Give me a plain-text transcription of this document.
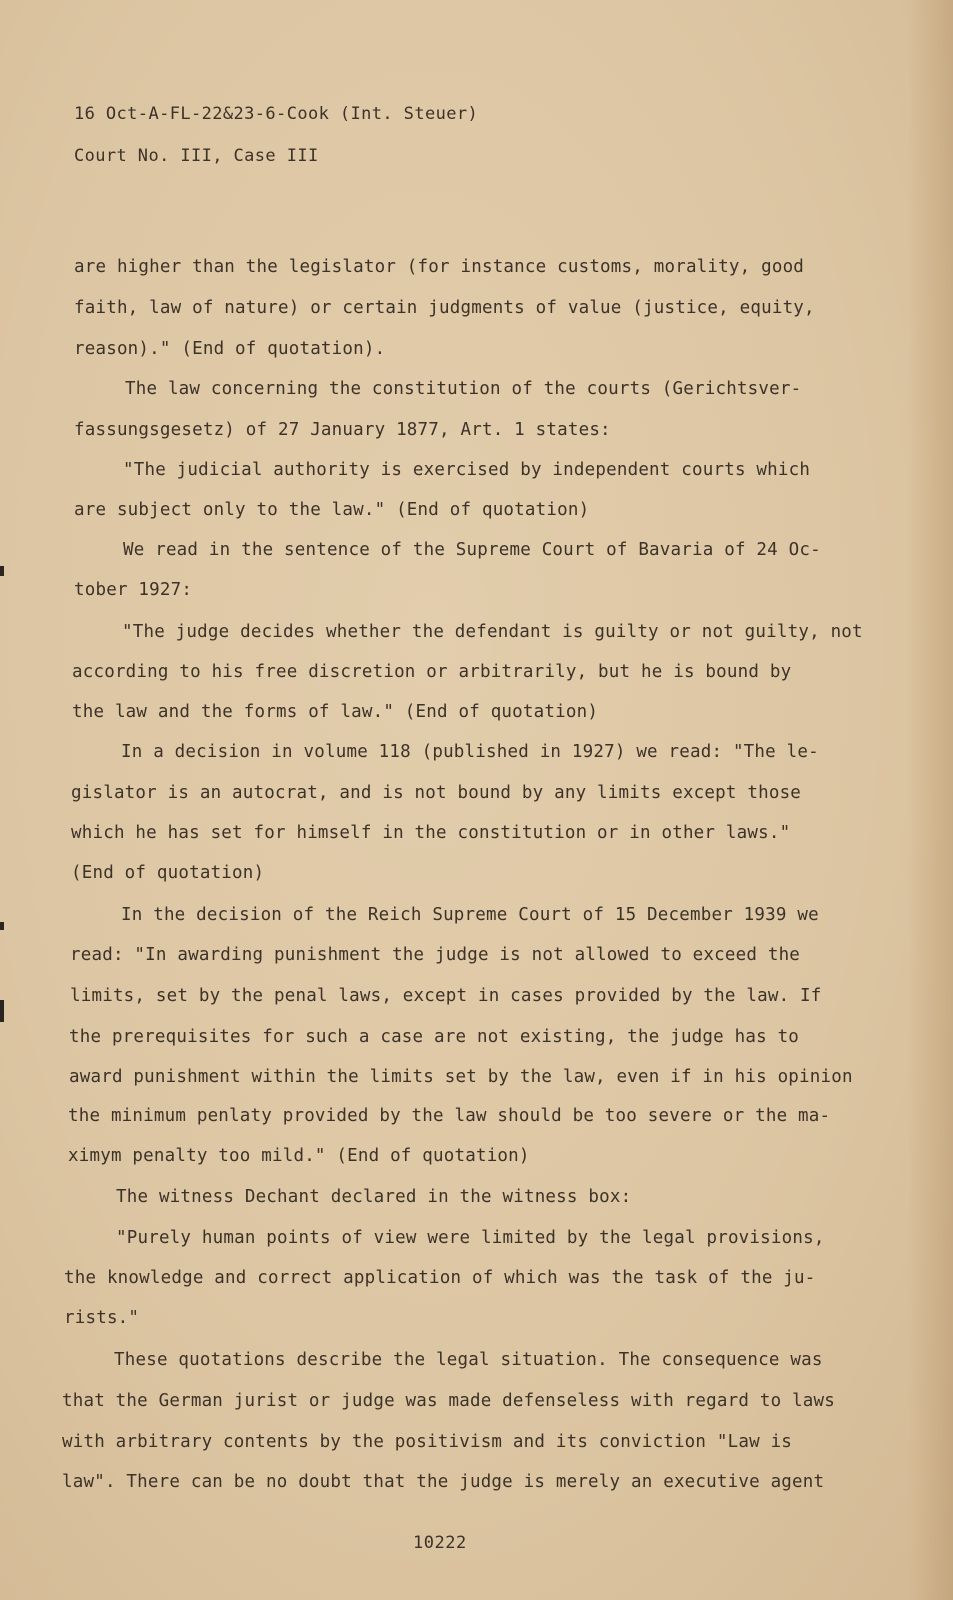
16 Oct-A-FL-22&23-6-Cook (Int. Steuer)
Court No. III, Case III
are higher than the legislator (for instance customs, morality, good
faith, law of nature) or certain judgments of value (justice, equity,
reason)." (End of quotation).
The law concerning the constitution of the courts (Gerichtsver-
fassungsgesetz) of 27 January 1877, Art. 1 states:
"The judicial authority is exercised by independent courts which
are subject only to the law." (End of quotation)
We read in the sentence of the Supreme Court of Bavaria of 24 Oc-
tober 1927:
"The judge decides whether the defendant is guilty or not guilty, not
according to his free discretion or arbitrarily, but he is bound by
the law and the forms of law." (End of quotation)
In a decision in volume 118 (published in 1927) we read: "The le-
gislator is an autocrat, and is not bound by any limits except those
which he has set for himself in the constitution or in other laws."
(End of quotation)
In the decision of the Reich Supreme Court of 15 December 1939 we
read: "In awarding punishment the judge is not allowed to exceed the
limits, set by the penal laws, except in cases provided by the law. If
the prerequisites for such a case are not existing, the judge has to
award punishment within the limits set by the law, even if in his opinion
the minimum penlaty provided by the law should be too severe or the ma-
ximym penalty too mild." (End of quotation)
The witness Dechant declared in the witness box:
"Purely human points of view were limited by the legal provisions,
the knowledge and correct application of which was the task of the ju-
rists."
These quotations describe the legal situation. The consequence was
that the German jurist or judge was made defenseless with regard to laws
with arbitrary contents by the positivism and its conviction "Law is
law". There can be no doubt that the judge is merely an executive agent
10222
